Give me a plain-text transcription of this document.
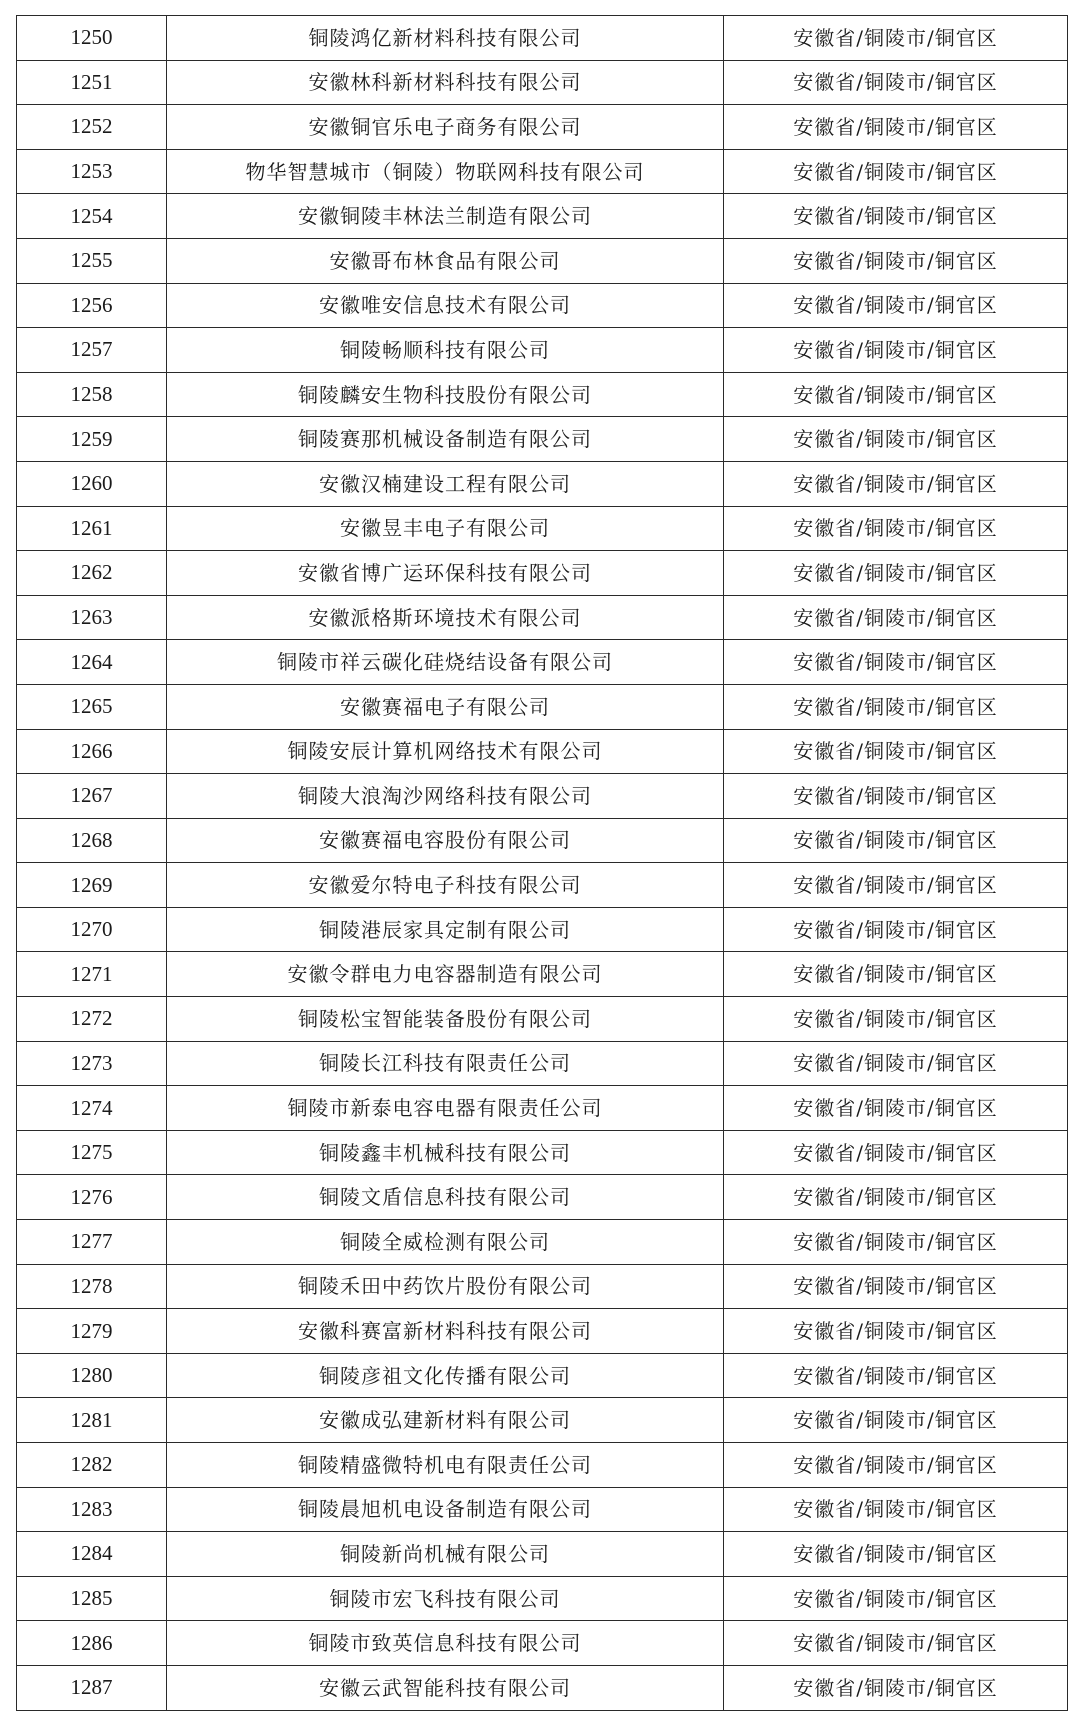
1250	铜陵鸿亿新材料科技有限公司	安徽省/铜陵市/铜官区
1251	安徽林科新材料科技有限公司	安徽省/铜陵市/铜官区
1252	安徽铜官乐电子商务有限公司	安徽省/铜陵市/铜官区
1253	物华智慧城市（铜陵）物联网科技有限公司	安徽省/铜陵市/铜官区
1254	安徽铜陵丰林法兰制造有限公司	安徽省/铜陵市/铜官区
1255	安徽哥布林食品有限公司	安徽省/铜陵市/铜官区
1256	安徽唯安信息技术有限公司	安徽省/铜陵市/铜官区
1257	铜陵畅顺科技有限公司	安徽省/铜陵市/铜官区
1258	铜陵麟安生物科技股份有限公司	安徽省/铜陵市/铜官区
1259	铜陵赛那机械设备制造有限公司	安徽省/铜陵市/铜官区
1260	安徽汉楠建设工程有限公司	安徽省/铜陵市/铜官区
1261	安徽昱丰电子有限公司	安徽省/铜陵市/铜官区
1262	安徽省博广运环保科技有限公司	安徽省/铜陵市/铜官区
1263	安徽派格斯环境技术有限公司	安徽省/铜陵市/铜官区
1264	铜陵市祥云碳化硅烧结设备有限公司	安徽省/铜陵市/铜官区
1265	安徽赛福电子有限公司	安徽省/铜陵市/铜官区
1266	铜陵安辰计算机网络技术有限公司	安徽省/铜陵市/铜官区
1267	铜陵大浪淘沙网络科技有限公司	安徽省/铜陵市/铜官区
1268	安徽赛福电容股份有限公司	安徽省/铜陵市/铜官区
1269	安徽爱尔特电子科技有限公司	安徽省/铜陵市/铜官区
1270	铜陵港辰家具定制有限公司	安徽省/铜陵市/铜官区
1271	安徽令群电力电容器制造有限公司	安徽省/铜陵市/铜官区
1272	铜陵松宝智能装备股份有限公司	安徽省/铜陵市/铜官区
1273	铜陵长江科技有限责任公司	安徽省/铜陵市/铜官区
1274	铜陵市新泰电容电器有限责任公司	安徽省/铜陵市/铜官区
1275	铜陵鑫丰机械科技有限公司	安徽省/铜陵市/铜官区
1276	铜陵文盾信息科技有限公司	安徽省/铜陵市/铜官区
1277	铜陵全威检测有限公司	安徽省/铜陵市/铜官区
1278	铜陵禾田中药饮片股份有限公司	安徽省/铜陵市/铜官区
1279	安徽科赛富新材料科技有限公司	安徽省/铜陵市/铜官区
1280	铜陵彦祖文化传播有限公司	安徽省/铜陵市/铜官区
1281	安徽成弘建新材料有限公司	安徽省/铜陵市/铜官区
1282	铜陵精盛微特机电有限责任公司	安徽省/铜陵市/铜官区
1283	铜陵晨旭机电设备制造有限公司	安徽省/铜陵市/铜官区
1284	铜陵新尚机械有限公司	安徽省/铜陵市/铜官区
1285	铜陵市宏飞科技有限公司	安徽省/铜陵市/铜官区
1286	铜陵市致英信息科技有限公司	安徽省/铜陵市/铜官区
1287	安徽云武智能科技有限公司	安徽省/铜陵市/铜官区
